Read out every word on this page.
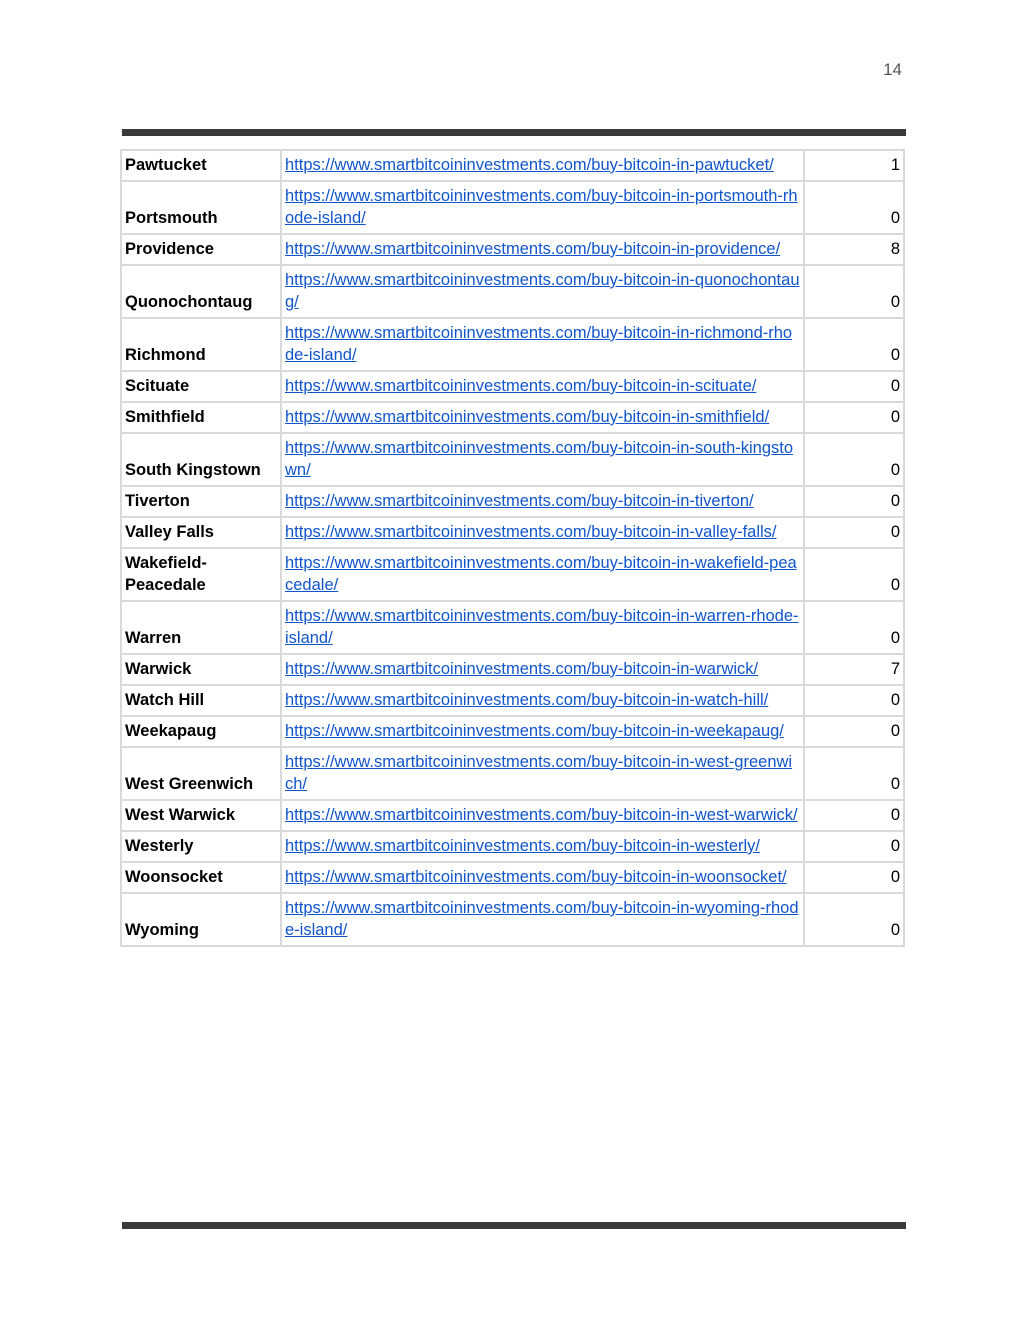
14
Pawtucket	https://www.smartbitcoininvestments.com/buy-bitcoin-in-pawtucket/	1
Portsmouth	https://www.smartbitcoininvestments.com/buy-bitcoin-in-portsmouth-rhode-island/	0
Providence	https://www.smartbitcoininvestments.com/buy-bitcoin-in-providence/	8
Quonochontaug	https://www.smartbitcoininvestments.com/buy-bitcoin-in-quonochontaug/	0
Richmond	https://www.smartbitcoininvestments.com/buy-bitcoin-in-richmond-rhode-island/	0
Scituate	https://www.smartbitcoininvestments.com/buy-bitcoin-in-scituate/	0
Smithfield	https://www.smartbitcoininvestments.com/buy-bitcoin-in-smithfield/	0
South Kingstown	https://www.smartbitcoininvestments.com/buy-bitcoin-in-south-kingstown/	0
Tiverton	https://www.smartbitcoininvestments.com/buy-bitcoin-in-tiverton/	0
Valley Falls	https://www.smartbitcoininvestments.com/buy-bitcoin-in-valley-falls/	0
Wakefield-Peacedale	https://www.smartbitcoininvestments.com/buy-bitcoin-in-wakefield-peacedale/	0
Warren	https://www.smartbitcoininvestments.com/buy-bitcoin-in-warren-rhode-island/	0
Warwick	https://www.smartbitcoininvestments.com/buy-bitcoin-in-warwick/	7
Watch Hill	https://www.smartbitcoininvestments.com/buy-bitcoin-in-watch-hill/	0
Weekapaug	https://www.smartbitcoininvestments.com/buy-bitcoin-in-weekapaug/	0
West Greenwich	https://www.smartbitcoininvestments.com/buy-bitcoin-in-west-greenwich/	0
West Warwick	https://www.smartbitcoininvestments.com/buy-bitcoin-in-west-warwick/	0
Westerly	https://www.smartbitcoininvestments.com/buy-bitcoin-in-westerly/	0
Woonsocket	https://www.smartbitcoininvestments.com/buy-bitcoin-in-woonsocket/	0
Wyoming	https://www.smartbitcoininvestments.com/buy-bitcoin-in-wyoming-rhode-island/	0
